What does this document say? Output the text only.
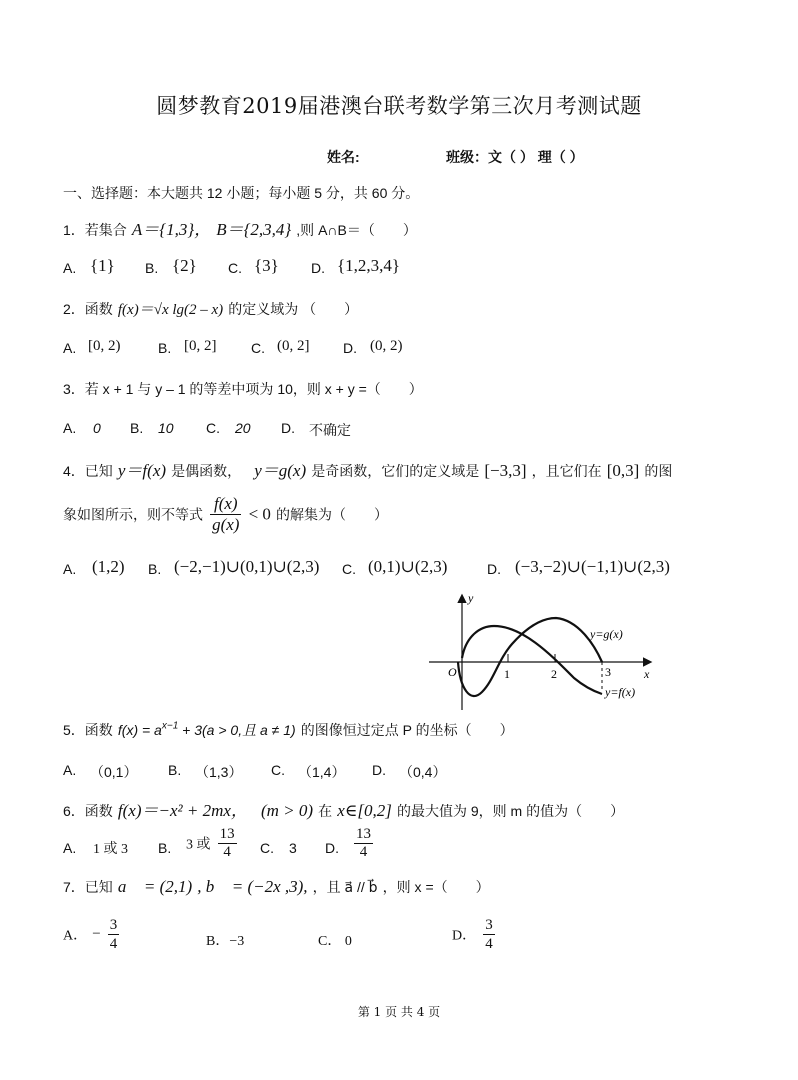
圆梦教育2019届港澳台联考数学第三次月考测试题
姓名:	班级：文（ ） 理（ ）
一、选择题：本大题共 12 小题；每小题 5 分，共 60 分。
1．若集合 A＝{1,3}， B＝{2,3,4} ,则 A∩B＝（　　）
A. {1} B. {2} C. {3} D. {1,2,3,4}
2．函数 f(x)＝√x lg(2 – x) 的定义域为 （　　）
A. [0, 2)	B. [0, 2] C. (0, 2] D. (0, 2)
3．若 x + 1 与 y – 1 的等差中项为 10，则 x + y =（　　）
A. 0 B. 10 C. 20 D. 不确定
4．已知 y＝f(x) 是偶函数， y＝g(x) 是奇函数，它们的定义域是 [−3,3] ，且它们在 [0,3] 的图
象如图所示，则不等式 $\frac{f(x)}{g(x)} < 0$ 的解集为（　　）
A. (1,2) B. (−2,−1)∪(0,1)∪(2,3) C. (0,1)∪(2,3)	D. (−3,−2)∪(−1,1)∪(2,3)
y
x
O	1	2	3
y=g(x)
y=f(x)
5．函数 $f(x) = a^{x-1} + 3(a > 0$,且 a ≠ 1) 的图像恒过定点 P 的坐标（　　）
A. （0,1） B. （1,3） C. （1,4） D. （0,4）
6．函数 f(x)＝−x² + 2mx， (m > 0) 在 x∈[0,2] 的最大值为 9，则 m 的值为（　　）
A. 1 或 3 B. 3 或 $\frac{13}{4} C$. 3 D. $\frac{13}{4}$
7．已知 a⃗ = (2,1) , b⃗ = (−2x ,3), ，且 a⃗ // b⃗ ，则 x =（　　）
A． − $\frac{3}{4}$	B．−3	C． 0	D． $\frac{3}{4}$
第 1 页 共 4 页
